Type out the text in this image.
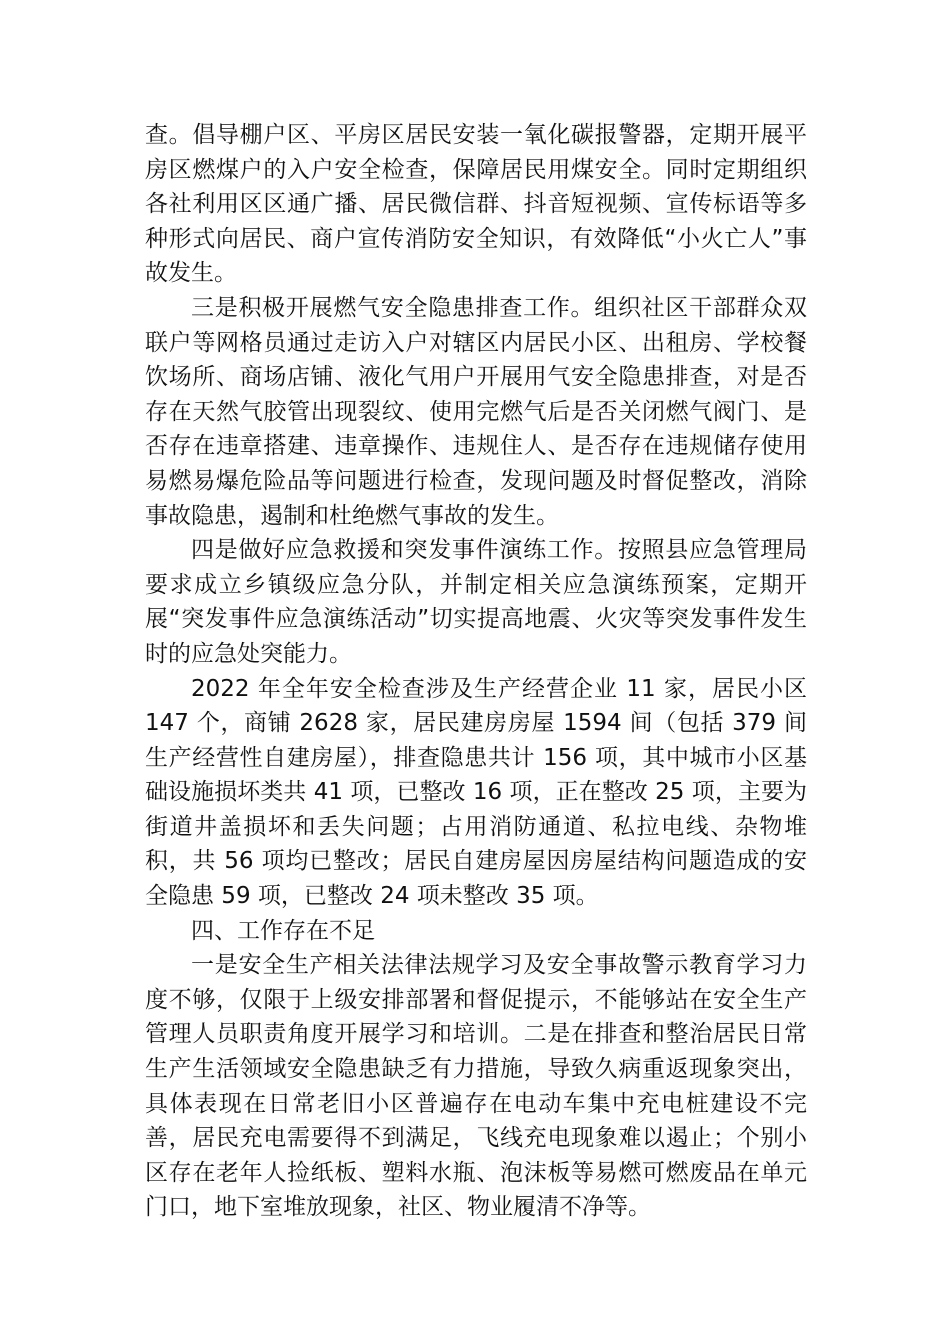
查。倡导棚户区、平房区居民安装一氧化碳报警器，定期开展平房区燃煤户的入户安全检查，保障居民用煤安全。同时定期组织各社利用区区通广播、居民微信群、抖音短视频、宣传标语等多种形式向居民、商户宣传消防安全知识，有效降低“小火亡人”事故发生。

三是积极开展燃气安全隐患排查工作。组织社区干部群众双联户等网格员通过走访入户对辖区内居民小区、出租房、学校餐饮场所、商场店铺、液化气用户开展用气安全隐患排查，对是否存在天然气胶管出现裂纹、使用完燃气后是否关闭燃气阀门、是否存在违章搭建、违章操作、违规住人、是否存在违规储存使用易燃易爆危险品等问题进行检查，发现问题及时督促整改，消除事故隐患，遏制和杜绝燃气事故的发生。

四是做好应急救援和突发事件演练工作。按照县应急管理局要求成立乡镇级应急分队，并制定相关应急演练预案，定期开展“突发事件应急演练活动”切实提高地震、火灾等突发事件发生时的应急处突能力。

2022 年全年安全检查涉及生产经营企业 11 家，居民小区 147 个，商铺 2628 家，居民建房房屋 1594 间（包括 379 间生产经营性自建房屋），排查隐患共计 156 项，其中城市小区基础设施损坏类共 41 项，已整改 16 项，正在整改 25 项，主要为街道井盖损坏和丢失问题；占用消防通道、私拉电线、杂物堆积，共 56 项均已整改；居民自建房屋因房屋结构问题造成的安全隐患 59 项，已整改 24 项未整改 35 项。

四、工作存在不足

一是安全生产相关法律法规学习及安全事故警示教育学习力度不够，仅限于上级安排部署和督促提示，不能够站在安全生产管理人员职责角度开展学习和培训。二是在排查和整治居民日常生产生活领域安全隐患缺乏有力措施，导致久病重返现象突出，具体表现在日常老旧小区普遍存在电动车集中充电桩建设不完善，居民充电需要得不到满足，飞线充电现象难以遏止；个别小区存在老年人捡纸板、塑料水瓶、泡沫板等易燃可燃废品在单元门口，地下室堆放现象，社区、物业履清不净等。
